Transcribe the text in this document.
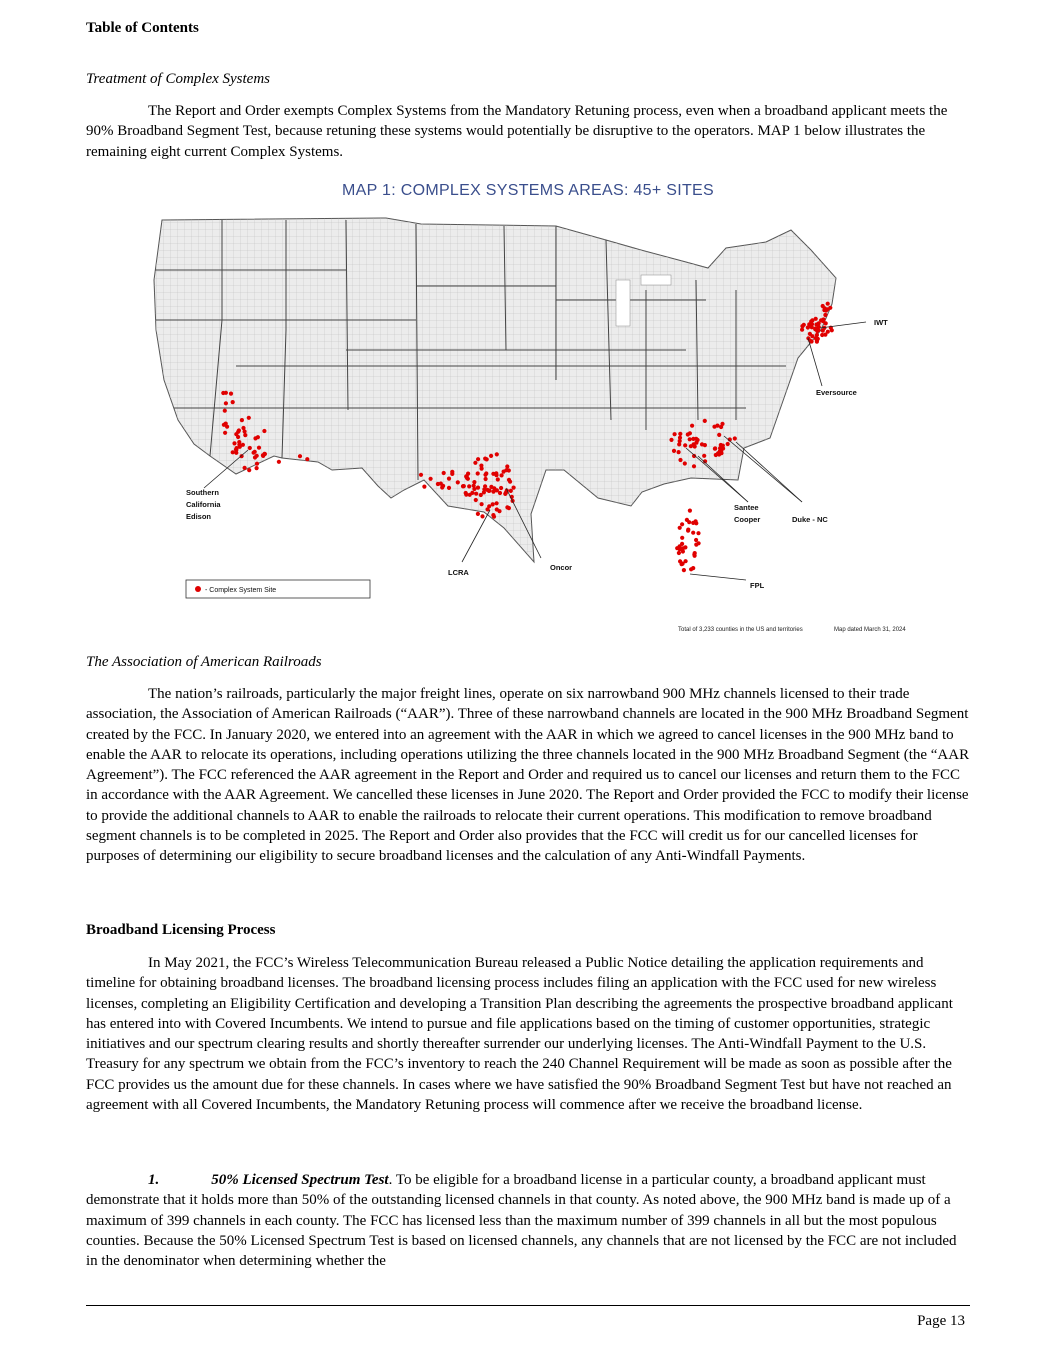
Table of Contents
Treatment of Complex Systems

The Report and Order exempts Complex Systems from the Mandatory Retuning process, even when a broadband applicant meets the 90% Broadband Segment Test, because retuning these systems would potentially be disruptive to the operators. MAP 1 below illustrates the remaining eight current Complex Systems.

The Association of American Railroads

The nation’s railroads, particularly the major freight lines, operate on six narrowband 900 MHz channels licensed to their trade association, the Association of American Railroads (“AAR”). Three of these narrowband channels are located in the 900 MHz Broadband Segment created by the FCC. In January 2020, we entered into an agreement with the AAR in which we agreed to cancel licenses in the 900 MHz band to enable the AAR to relocate its operations, including operations utilizing the three channels located in the 900 MHz Broadband Segment (the “AAR Agreement”). The FCC referenced the AAR agreement in the Report and Order and required us to cancel our licenses and return them to the FCC in accordance with the AAR Agreement. We cancelled these licenses in June 2020. The Report and Order provided the FCC to modify their license to provide the additional channels to AAR to enable the railroads to relocate their current operations. This modification to remove broadband segment channels is to be completed in 2025. The Report and Order also provides that the FCC will credit us for our cancelled licenses for purposes of determining our eligibility to secure broadband licenses and the calculation of any Anti-Windfall Payments.

Broadband Licensing Process

In May 2021, the FCC’s Wireless Telecommunication Bureau released a Public Notice detailing the application requirements and timeline for obtaining broadband licenses. The broadband licensing process includes filing an application with the FCC used for new wireless licenses, completing an Eligibility Certification and developing a Transition Plan describing the agreements the prospective broadband applicant has entered into with Covered Incumbents. We intend to pursue and file applications based on the timing of customer opportunities, strategic initiatives and our spectrum clearing results and shortly thereafter surrender our underlying licenses. The Anti-Windfall Payment to the U.S. Treasury for any spectrum we obtain from the FCC’s inventory to reach the 240 Channel Requirement will be made as soon as possible after the FCC provides us the amount due for these channels. In cases where we have satisfied the 90% Broadband Segment Test but have not reached an agreement with all Covered Incumbents, the Mandatory Retuning process will commence after we receive the broadband license.

1.	50% Licensed Spectrum Test. To be eligible for a broadband license in a particular county, a broadband applicant must demonstrate that it holds more than 50% of the outstanding licensed channels in that county. As noted above, the 900 MHz band is made up of a maximum of 399 channels in each county. The FCC has licensed less than the maximum number of 399 channels in all but the most populous counties. Because the 50% Licensed Spectrum Test is based on licensed channels, any channels that are not licensed by the FCC are not included in the denominator when determining whether the

MAP 1: COMPLEX SYSTEMS AREAS: 45+ SITES
IWT
Eversource
Southern
California
Edison
Santee
Cooper	Duke - NC
LCRA
Oncor
FPL
- Complex System Site
Total of 3,233 counties in the US and territories	Map dated March 31, 2024
Page 13
